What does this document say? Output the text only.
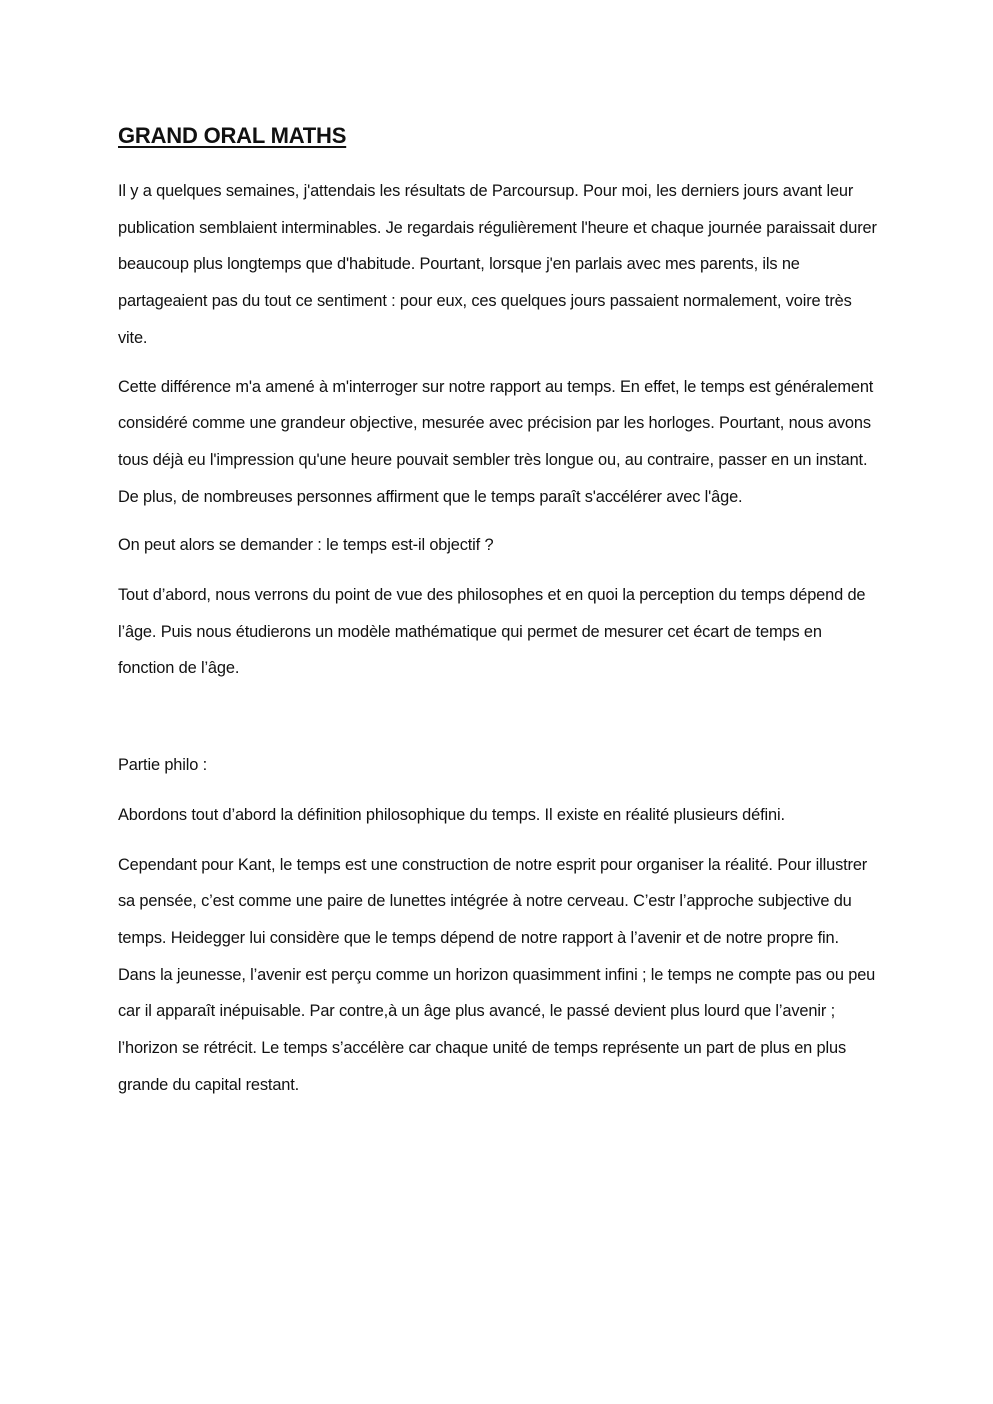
GRAND ORAL MATHS

Il y a quelques semaines, j'attendais les résultats de Parcoursup. Pour moi, les derniers jours avant leur publication semblaient interminables. Je regardais régulièrement l'heure et chaque journée paraissait durer beaucoup plus longtemps que d'habitude. Pourtant, lorsque j'en parlais avec mes parents, ils ne partageaient pas du tout ce sentiment : pour eux, ces quelques jours passaient normalement, voire très vite.

Cette différence m'a amené à m'interroger sur notre rapport au temps. En effet, le temps est généralement considéré comme une grandeur objective, mesurée avec précision par les horloges. Pourtant, nous avons tous déjà eu l'impression qu'une heure pouvait sembler très longue ou, au contraire, passer en un instant. De plus, de nombreuses personnes affirment que le temps paraît s'accélérer avec l'âge.

On peut alors se demander : le temps est-il objectif ?

Tout d’abord, nous verrons du point de vue des philosophes et en quoi la perception du temps dépend de l’âge. Puis nous étudierons un modèle mathématique qui permet de mesurer cet écart de temps en fonction de l’âge.

Partie philo :

Abordons tout d’abord la définition philosophique du temps. Il existe en réalité plusieurs défini.

Cependant pour Kant, le temps est une construction de notre esprit pour organiser la réalité. Pour illustrer sa pensée, c’est comme une paire de lunettes intégrée à notre cerveau. C’estr l’approche subjective du temps. Heidegger lui considère que le temps dépend de notre rapport à l’avenir et de notre propre fin. Dans la jeunesse, l’avenir est perçu comme un horizon quasimment infini ; le temps ne compte pas ou peu car il apparaît inépuisable. Par contre,à un âge plus avancé, le passé devient plus lourd que l’avenir ; l’horizon se rétrécit. Le temps s’accélère car chaque unité de temps représente un part de plus en plus grande du capital restant.
